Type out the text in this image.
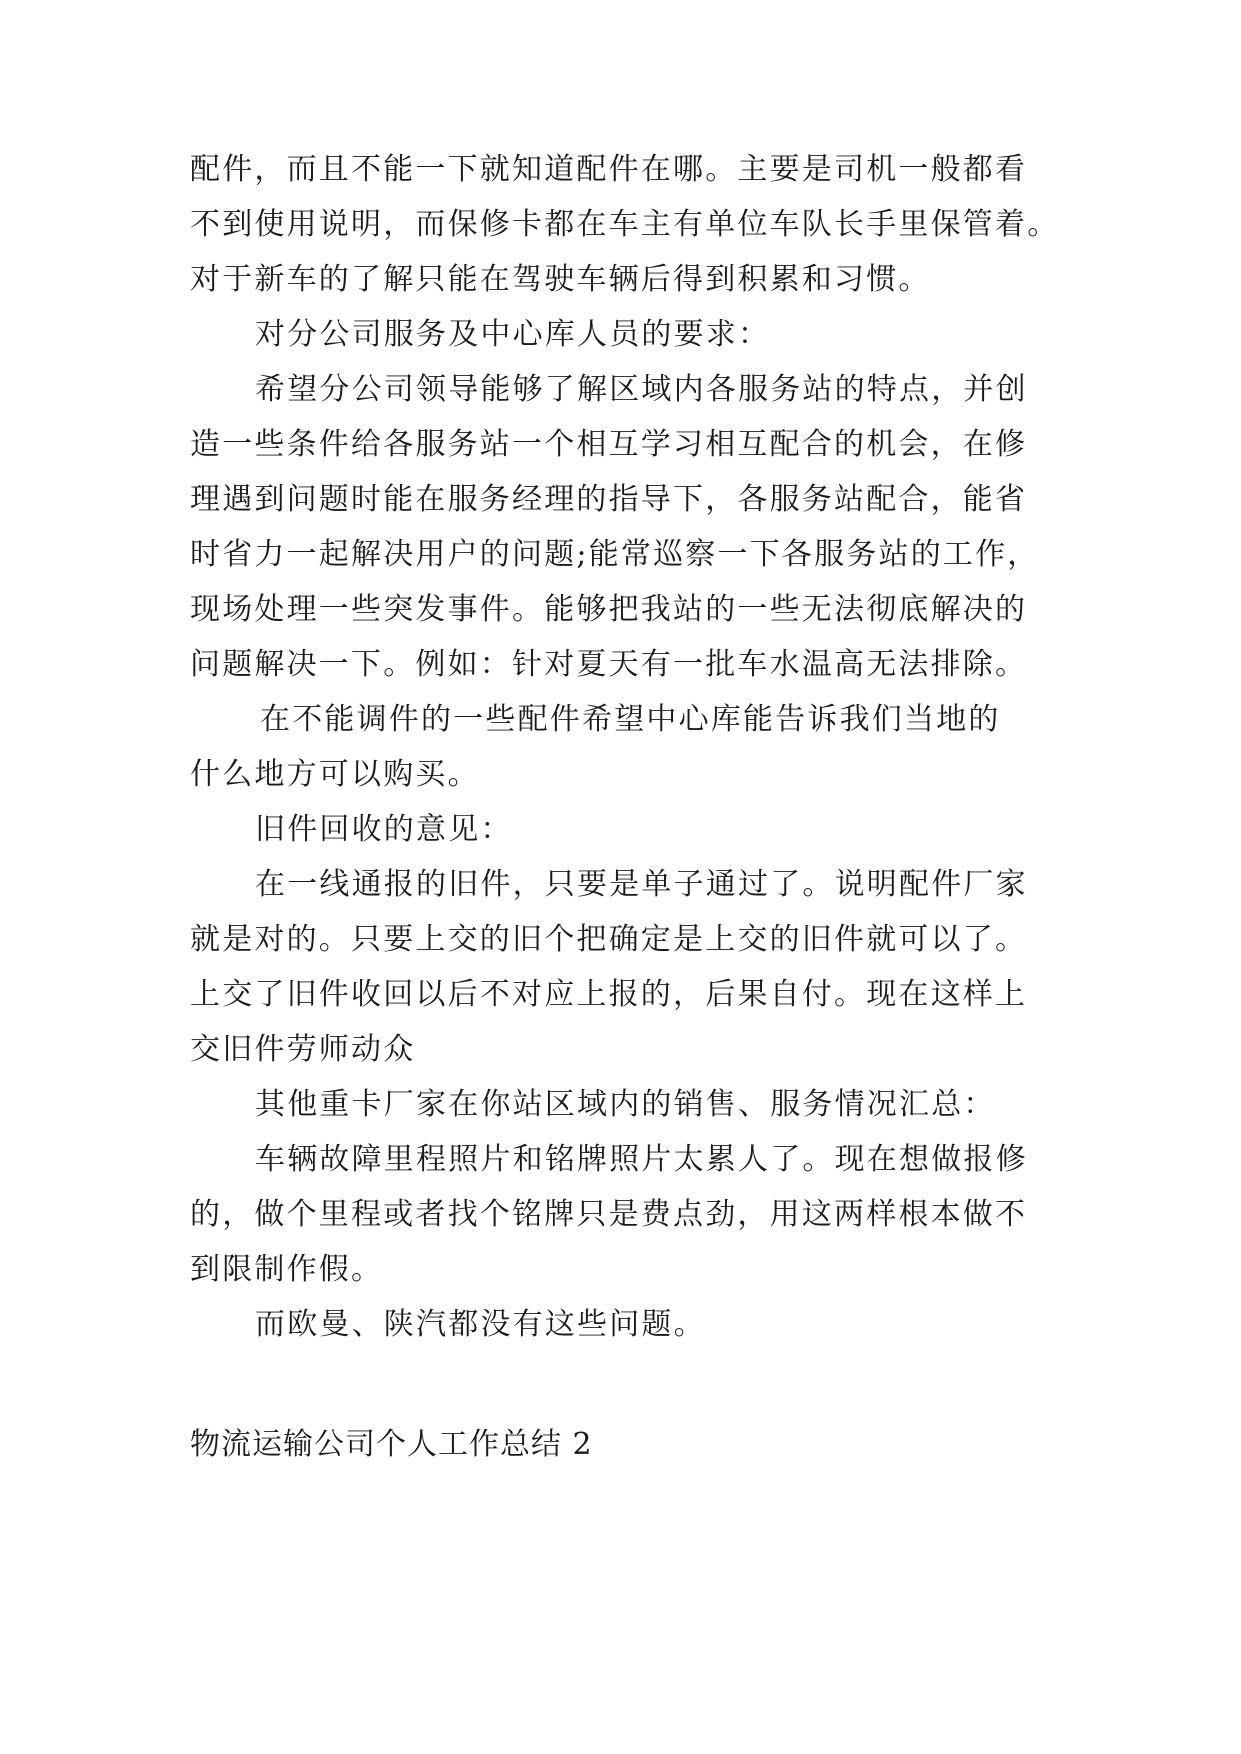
配件，而且不能一下就知道配件在哪。主要是司机一般都看
不到使用说明，而保修卡都在车主有单位车队长手里保管着。
对于新车的了解只能在驾驶车辆后得到积累和习惯。
对分公司服务及中心库人员的要求：
希望分公司领导能够了解区域内各服务站的特点，并创
造一些条件给各服务站一个相互学习相互配合的机会，在修
理遇到问题时能在服务经理的指导下，各服务站配合，能省
时省力一起解决用户的问题;能常巡察一下各服务站的工作，
现场处理一些突发事件。能够把我站的一些无法彻底解决的
问题解决一下。例如：针对夏天有一批车水温高无法排除。
在不能调件的一些配件希望中心库能告诉我们当地的
什么地方可以购买。
旧件回收的意见：
在一线通报的旧件，只要是单子通过了。说明配件厂家
就是对的。只要上交的旧个把确定是上交的旧件就可以了。
上交了旧件收回以后不对应上报的，后果自付。现在这样上
交旧件劳师动众
其他重卡厂家在你站区域内的销售、服务情况汇总：
车辆故障里程照片和铭牌照片太累人了。现在想做报修
的，做个里程或者找个铭牌只是费点劲，用这两样根本做不
到限制作假。
而欧曼、陕汽都没有这些问题。
物流运输公司个人工作总结 2
